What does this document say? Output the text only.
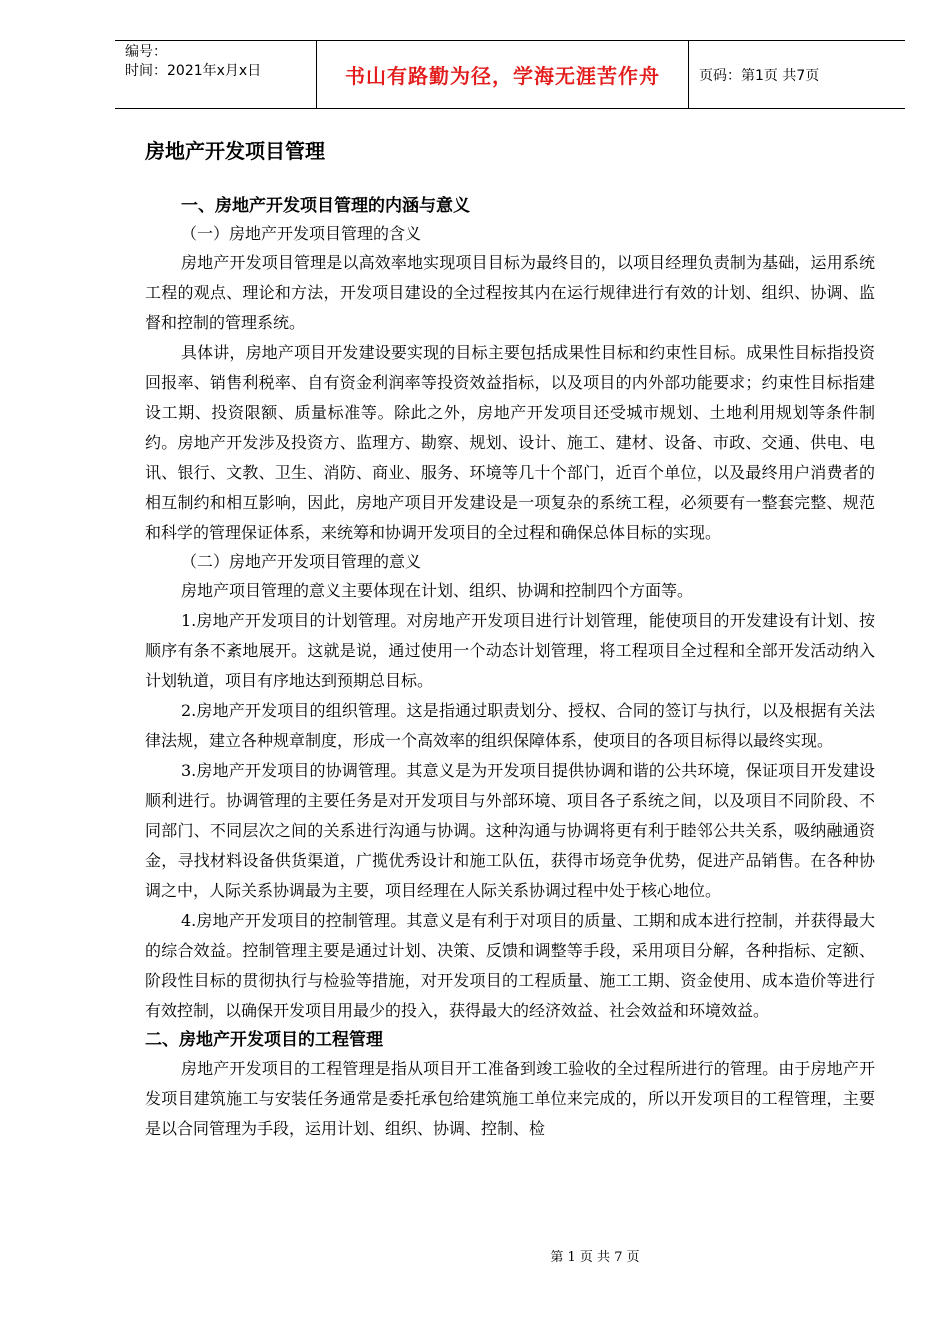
编号：
时间：2021年x月x日	书山有路勤为径，学海无涯苦作舟	页码：第1页 共7页
房地产开发项目管理
一、房地产开发项目管理的内涵与意义
（一）房地产开发项目管理的含义

房地产开发项目管理是以高效率地实现项目目标为最终目的，以项目经理负责制为基础，运用系统工程的观点、理论和方法，开发项目建设的全过程按其内在运行规律进行有效的计划、组织、协调、监督和控制的管理系统。

具体讲，房地产项目开发建设要实现的目标主要包括成果性目标和约束性目标。成果性目标指投资回报率、销售利税率、自有资金利润率等投资效益指标，以及项目的内外部功能要求；约束性目标指建设工期、投资限额、质量标准等。除此之外，房地产开发项目还受城市规划、土地利用规划等条件制约。房地产开发涉及投资方、监理方、勘察、规划、设计、施工、建材、设备、市政、交通、供电、电讯、银行、文教、卫生、消防、商业、服务、环境等几十个部门，近百个单位，以及最终用户消费者的相互制约和相互影响，因此，房地产项目开发建设是一项复杂的系统工程，必须要有一整套完整、规范和科学的管理保证体系，来统筹和协调开发项目的全过程和确保总体目标的实现。

（二）房地产开发项目管理的意义

房地产项目管理的意义主要体现在计划、组织、协调和控制四个方面等。

1.房地产开发项目的计划管理。对房地产开发项目进行计划管理，能使项目的开发建设有计划、按顺序有条不紊地展开。这就是说，通过使用一个动态计划管理，将工程项目全过程和全部开发活动纳入计划轨道，项目有序地达到预期总目标。

2.房地产开发项目的组织管理。这是指通过职责划分、授权、合同的签订与执行，以及根据有关法律法规，建立各种规章制度，形成一个高效率的组织保障体系，使项目的各项目标得以最终实现。

3.房地产开发项目的协调管理。其意义是为开发项目提供协调和谐的公共环境，保证项目开发建设顺利进行。协调管理的主要任务是对开发项目与外部环境、项目各子系统之间，以及项目不同阶段、不同部门、不同层次之间的关系进行沟通与协调。这种沟通与协调将更有利于睦邻公共关系，吸纳融通资金，寻找材料设备供货渠道，广揽优秀设计和施工队伍，获得市场竞争优势，促进产品销售。在各种协调之中，人际关系协调最为主要，项目经理在人际关系协调过程中处于核心地位。

4.房地产开发项目的控制管理。其意义是有利于对项目的质量、工期和成本进行控制，并获得最大的综合效益。控制管理主要是通过计划、决策、反馈和调整等手段，采用项目分解，各种指标、定额、阶段性目标的贯彻执行与检验等措施，对开发项目的工程质量、施工工期、资金使用、成本造价等进行有效控制，以确保开发项目用最少的投入，获得最大的经济效益、社会效益和环境效益。

二、房地产开发项目的工程管理

房地产开发项目的工程管理是指从项目开工准备到竣工验收的全过程所进行的管理。由于房地产开发项目建筑施工与安装任务通常是委托承包给建筑施工单位来完成的，所以开发项目的工程管理，主要是以合同管理为手段，运用计划、组织、协调、控制、检

第 1 页 共 7 页
